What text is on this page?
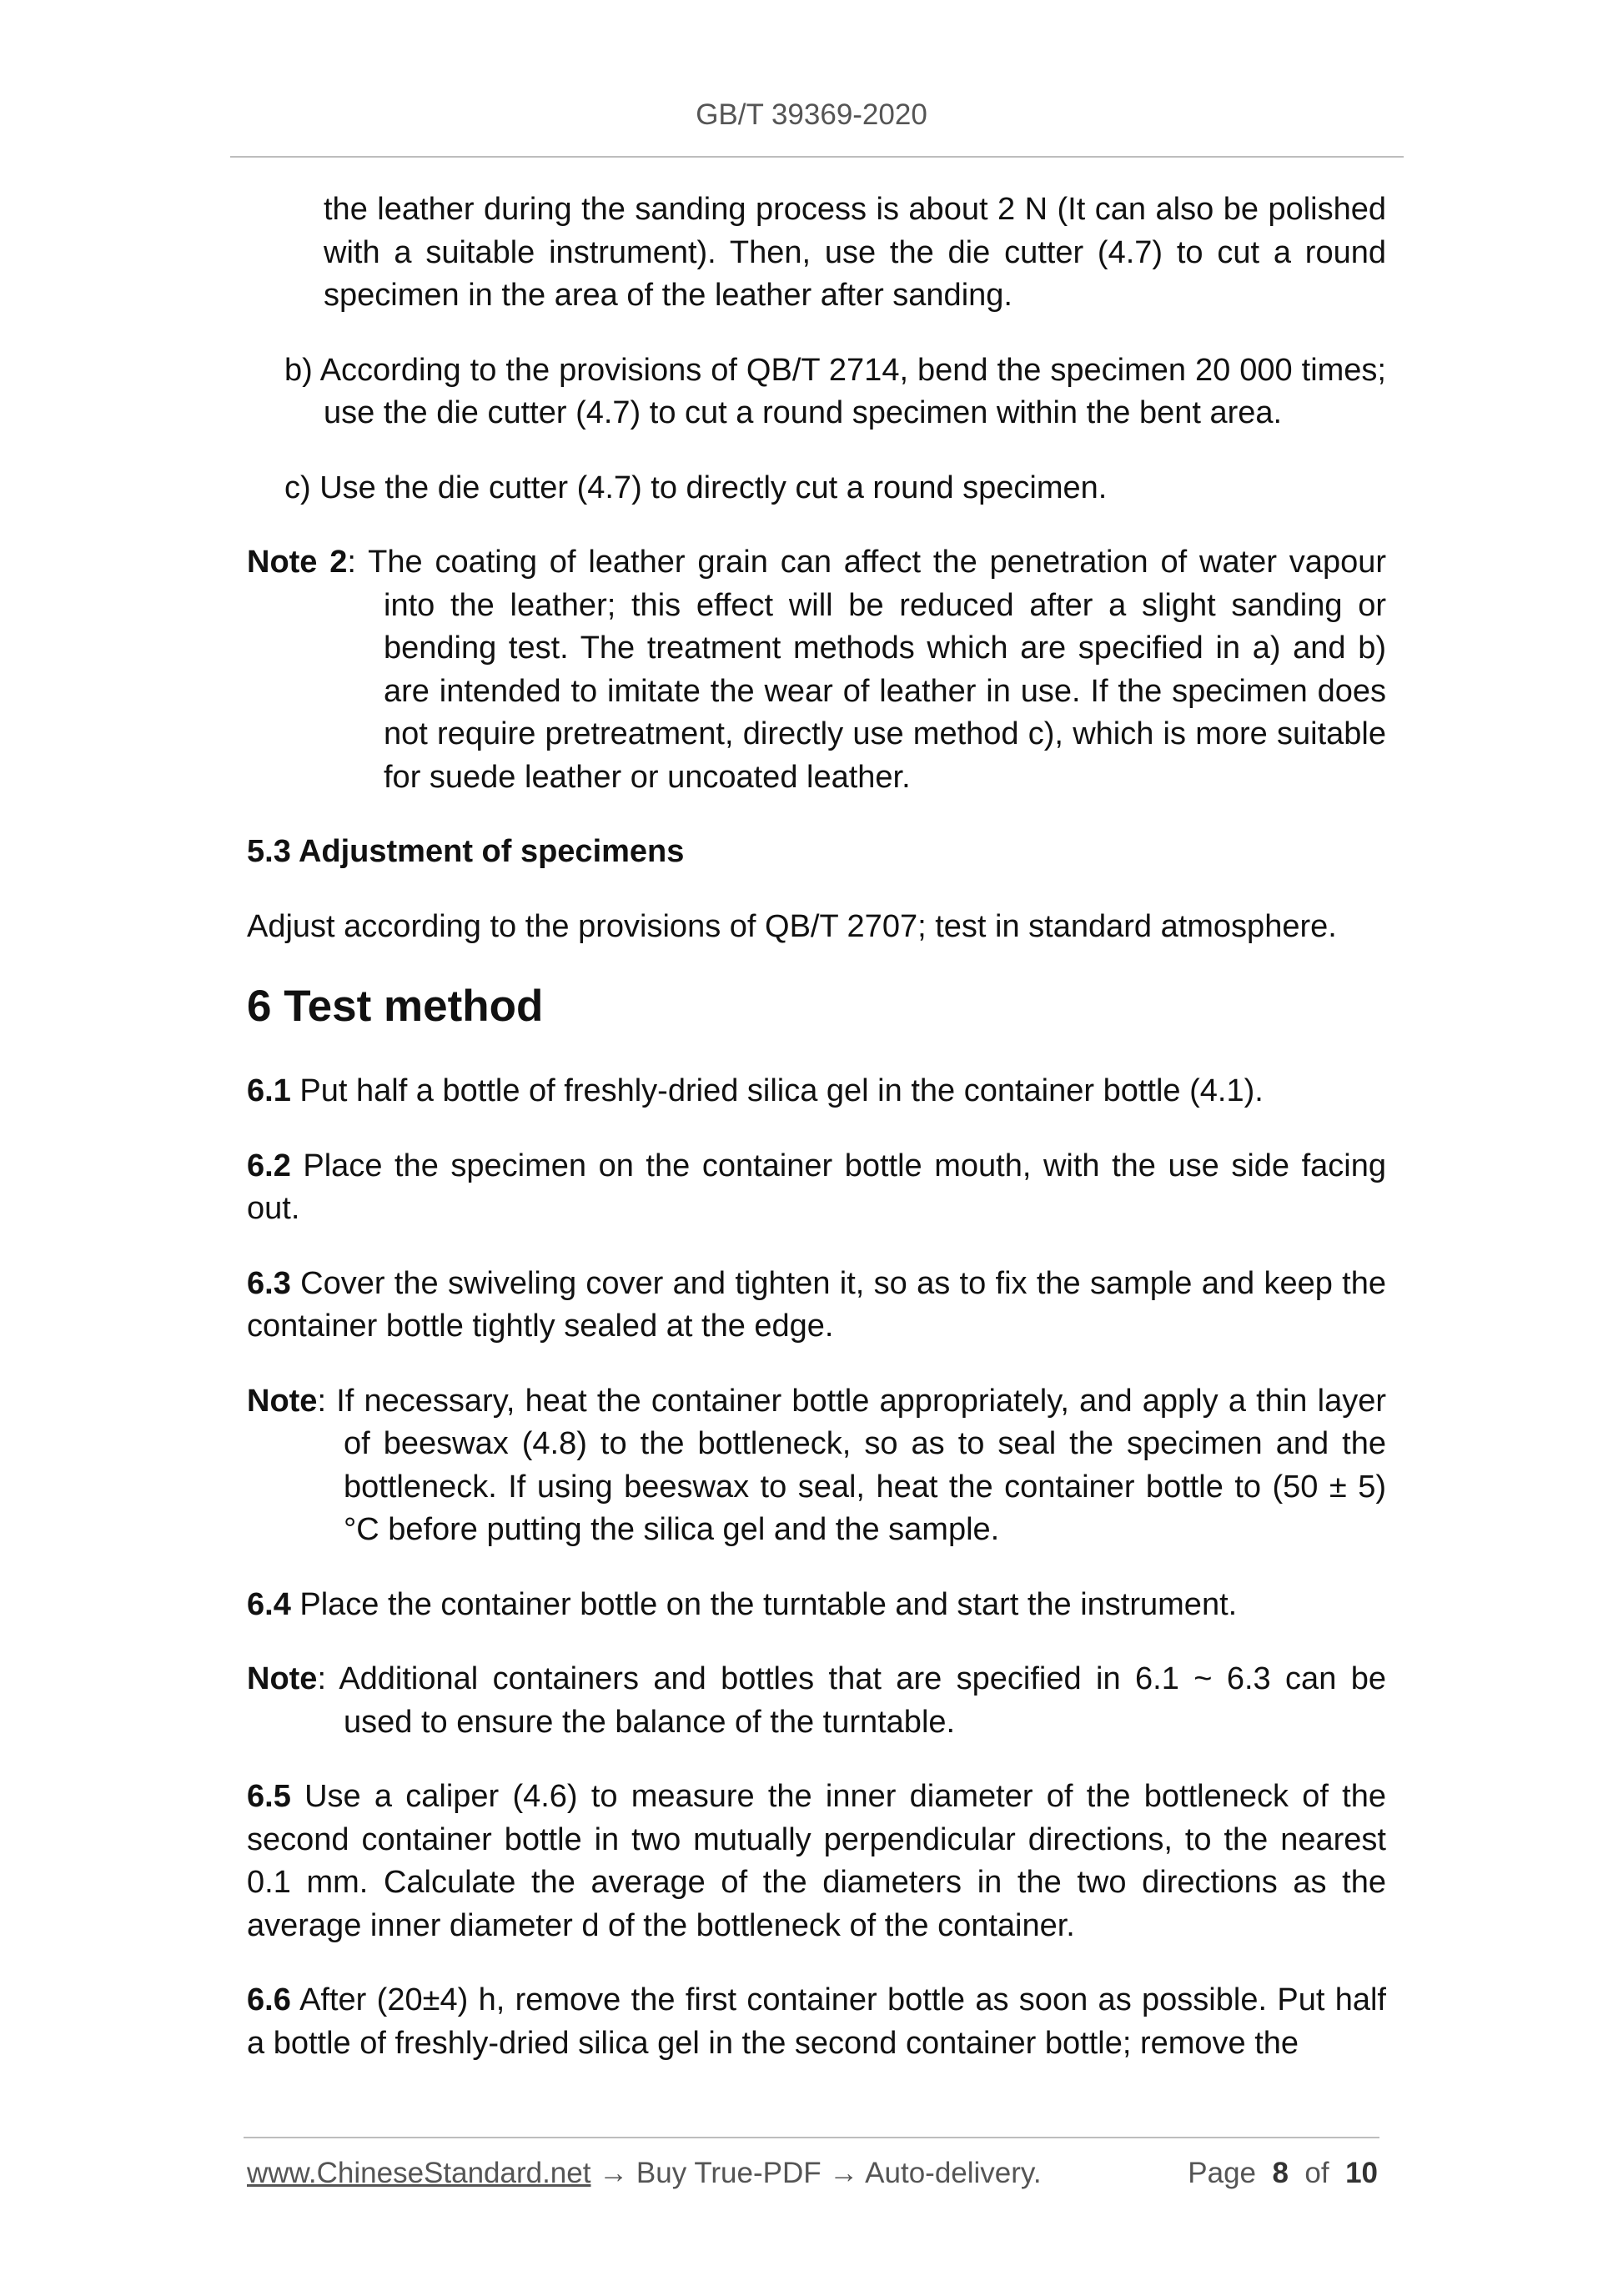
GB/T 39369-2020

the leather during the sanding process is about 2 N (It can also be polished with a suitable instrument). Then, use the die cutter (4.7) to cut a round specimen in the area of the leather after sanding.

b) According to the provisions of QB/T 2714, bend the specimen 20 000 times; use the die cutter (4.7) to cut a round specimen within the bent area.

c) Use the die cutter (4.7) to directly cut a round specimen.

Note 2: The coating of leather grain can affect the penetration of water vapour into the leather; this effect will be reduced after a slight sanding or bending test. The treatment methods which are specified in a) and b) are intended to imitate the wear of leather in use. If the specimen does not require pretreatment, directly use method c), which is more suitable for suede leather or uncoated leather.

5.3 Adjustment of specimens

Adjust according to the provisions of QB/T 2707; test in standard atmosphere.

6 Test method

6.1 Put half a bottle of freshly-dried silica gel in the container bottle (4.1).

6.2 Place the specimen on the container bottle mouth, with the use side facing out.

6.3 Cover the swiveling cover and tighten it, so as to fix the sample and keep the container bottle tightly sealed at the edge.

Note: If necessary, heat the container bottle appropriately, and apply a thin layer of beeswax (4.8) to the bottleneck, so as to seal the specimen and the bottleneck. If using beeswax to seal, heat the container bottle to (50 ± 5) °C before putting the silica gel and the sample.

6.4 Place the container bottle on the turntable and start the instrument.

Note: Additional containers and bottles that are specified in 6.1 ~ 6.3 can be used to ensure the balance of the turntable.

6.5 Use a caliper (4.6) to measure the inner diameter of the bottleneck of the second container bottle in two mutually perpendicular directions, to the nearest 0.1 mm. Calculate the average of the diameters in the two directions as the average inner diameter d of the bottleneck of the container.

6.6 After (20±4) h, remove the first container bottle as soon as possible. Put half a bottle of freshly-dried silica gel in the second container bottle; remove the

www.ChineseStandard.net → Buy True-PDF → Auto-delivery.	Page 8 of 10
